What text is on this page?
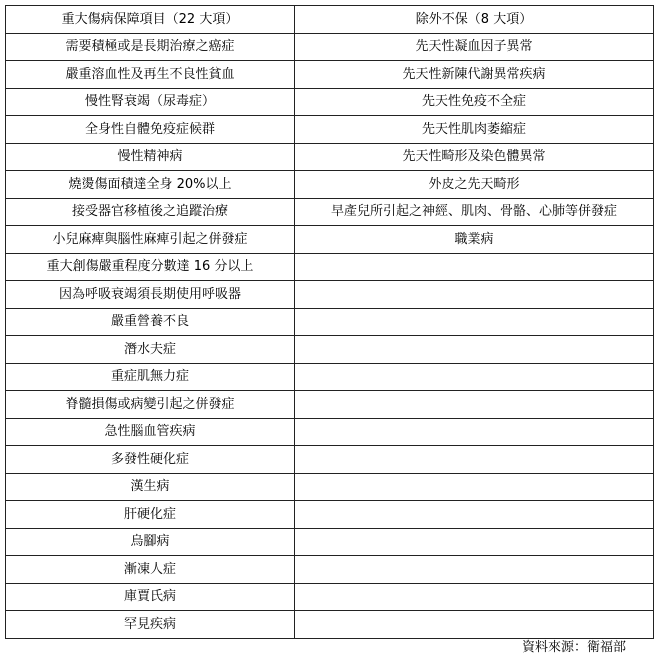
重大傷病保障項目（22 大項）	除外不保（8 大項）
需要積極或是長期治療之癌症	先天性凝血因子異常
嚴重溶血性及再生不良性貧血	先天性新陳代謝異常疾病
慢性腎衰竭（尿毒症）	先天性免疫不全症
全身性自體免疫症候群	先天性肌肉萎縮症
慢性精神病	先天性畸形及染色體異常
燒燙傷面積達全身 20%以上	外皮之先天畸形
接受器官移植後之追蹤治療	早產兒所引起之神經、肌肉、骨骼、心肺等併發症
小兒麻痺與腦性麻痺引起之併發症	職業病
重大創傷嚴重程度分數達 16 分以上	
因為呼吸衰竭須長期使用呼吸器	
嚴重營養不良	
潛水夫症	
重症肌無力症	
脊髓損傷或病變引起之併發症	
急性腦血管疾病	
多發性硬化症	
漢生病	
肝硬化症	
烏腳病	
漸凍人症	
庫賈氏病	
罕見疾病	
資料來源：衛福部
